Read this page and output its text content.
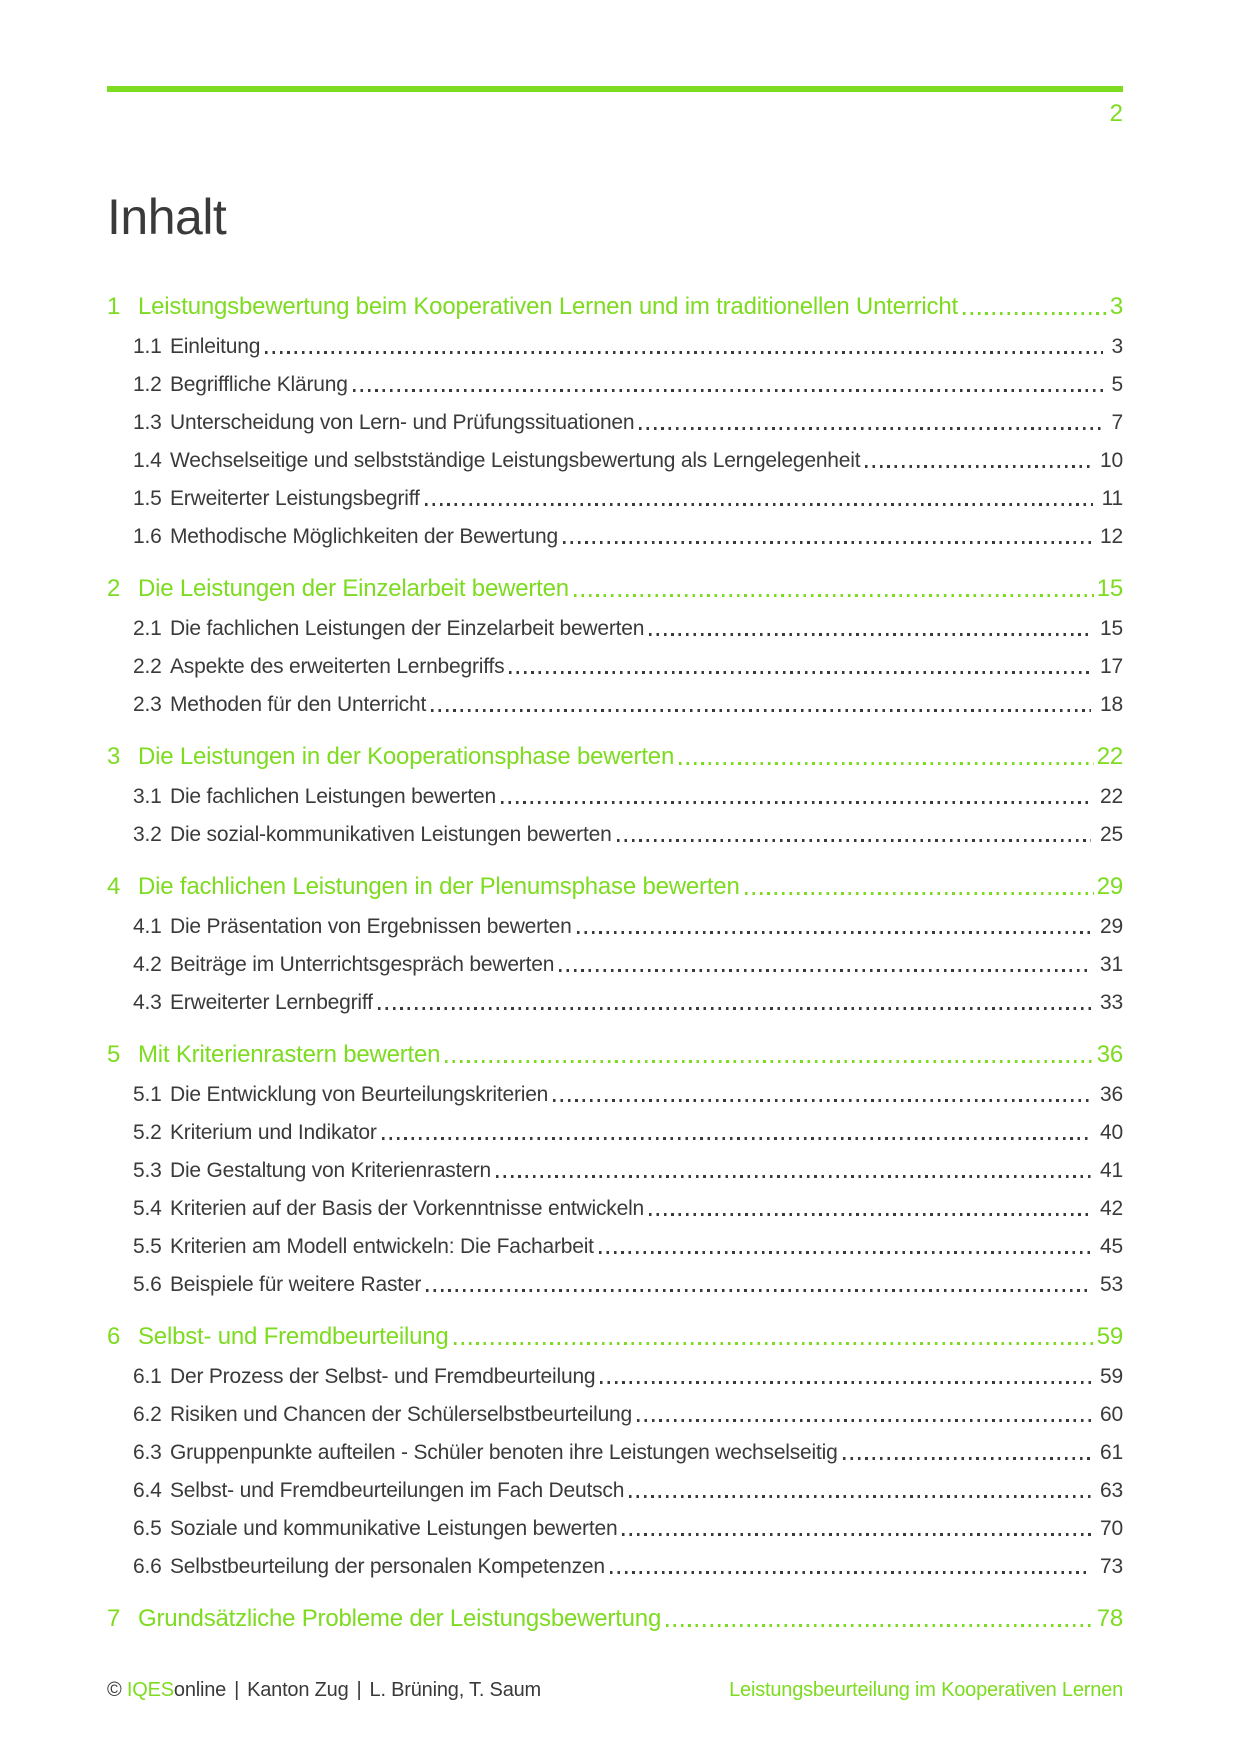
2
Inhalt
1 Leistungsbewertung beim Kooperativen Lernen und im traditionellen Unterricht	3
1.1 Einleitung	3
1.2 Begriffliche Klärung	5
1.3 Unterscheidung von Lern- und Prüfungssituationen	7
1.4 Wechselseitige und selbstständige Leistungsbewertung als Lerngelegenheit	10
1.5 Erweiterter Leistungsbegriff	11
1.6 Methodische Möglichkeiten der Bewertung	12
2 Die Leistungen der Einzelarbeit bewerten	15
2.1 Die fachlichen Leistungen der Einzelarbeit bewerten	15
2.2 Aspekte des erweiterten Lernbegriffs	17
2.3 Methoden für den Unterricht	18
3 Die Leistungen in der Kooperationsphase bewerten	22
3.1 Die fachlichen Leistungen bewerten	22
3.2 Die sozial-kommunikativen Leistungen bewerten	25
4 Die fachlichen Leistungen in der Plenumsphase bewerten	29
4.1 Die Präsentation von Ergebnissen bewerten	29
4.2 Beiträge im Unterrichtsgespräch bewerten	31
4.3 Erweiterter Lernbegriff	33
5 Mit Kriterienrastern bewerten	36
5.1 Die Entwicklung von Beurteilungskriterien	36
5.2 Kriterium und Indikator	40
5.3 Die Gestaltung von Kriterienrastern	41
5.4 Kriterien auf der Basis der Vorkenntnisse entwickeln	42
5.5 Kriterien am Modell entwickeln: Die Facharbeit	45
5.6 Beispiele für weitere Raster	53
6 Selbst- und Fremdbeurteilung	59
6.1 Der Prozess der Selbst- und Fremdbeurteilung	59
6.2 Risiken und Chancen der Schülerselbstbeurteilung	60
6.3 Gruppenpunkte aufteilen - Schüler benoten ihre Leistungen wechselseitig	61
6.4 Selbst- und Fremdbeurteilungen im Fach Deutsch	63
6.5 Soziale und kommunikative Leistungen bewerten	70
6.6 Selbstbeurteilung der personalen Kompetenzen	73
7 Grundsätzliche Probleme der Leistungsbewertung	78
© IQESonline | Kanton Zug | L. Brüning, T. Saum	Leistungsbeurteilung im Kooperativen Lernen
